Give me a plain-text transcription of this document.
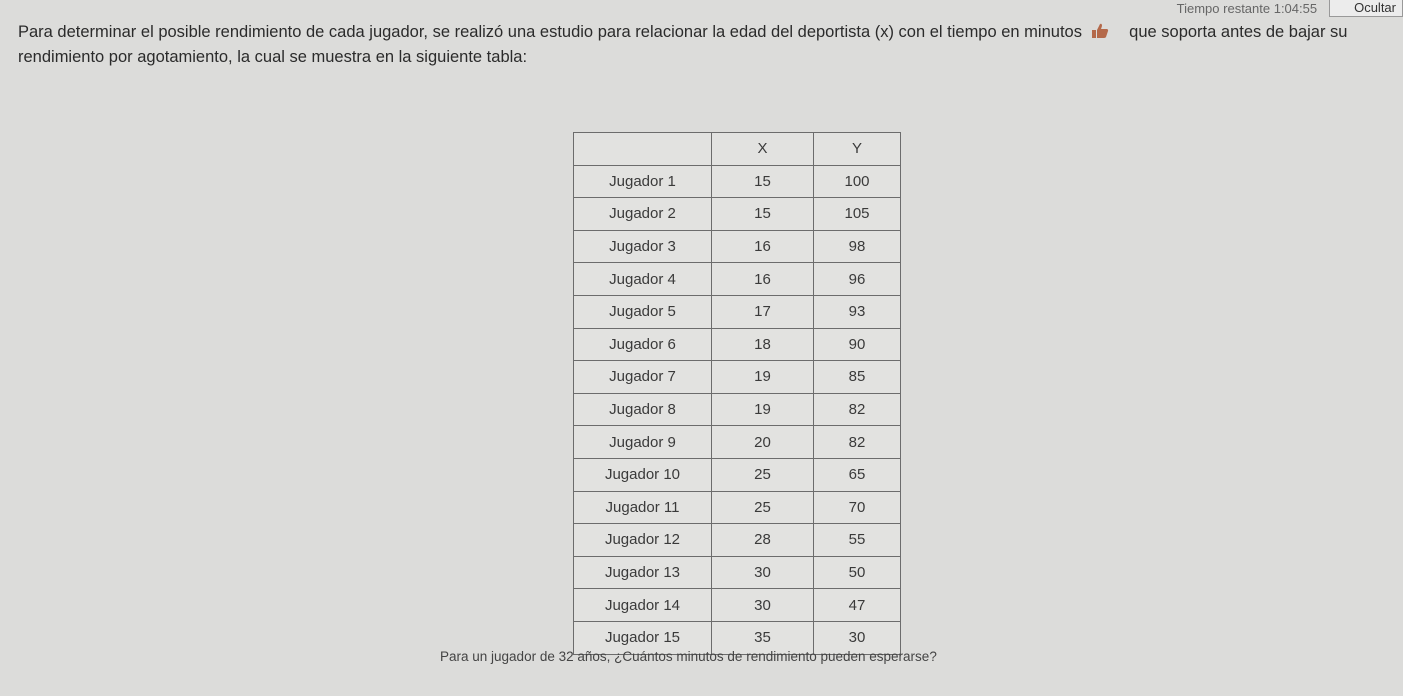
Tiempo restante 1:04:55	Ocultar
Para determinar el posible rendimiento de cada jugador, se realizó una estudio para relacionar la edad del deportista (x) con el tiempo en minutos	que soporta antes de bajar su rendimiento por agotamiento, la cual se muestra en la siguiente tabla:
	X	Y
Jugador 1	15	100
Jugador 2	15	105
Jugador 3	16	98
Jugador 4	16	96
Jugador 5	17	93
Jugador 6	18	90
Jugador 7	19	85
Jugador 8	19	82
Jugador 9	20	82
Jugador 10	25	65
Jugador 11	25	70
Jugador 12	28	55
Jugador 13	30	50
Jugador 14	30	47
Jugador 15	35	30
Para un jugador de 32 años, ¿Cuántos minutos de rendimiento pueden esperarse?
